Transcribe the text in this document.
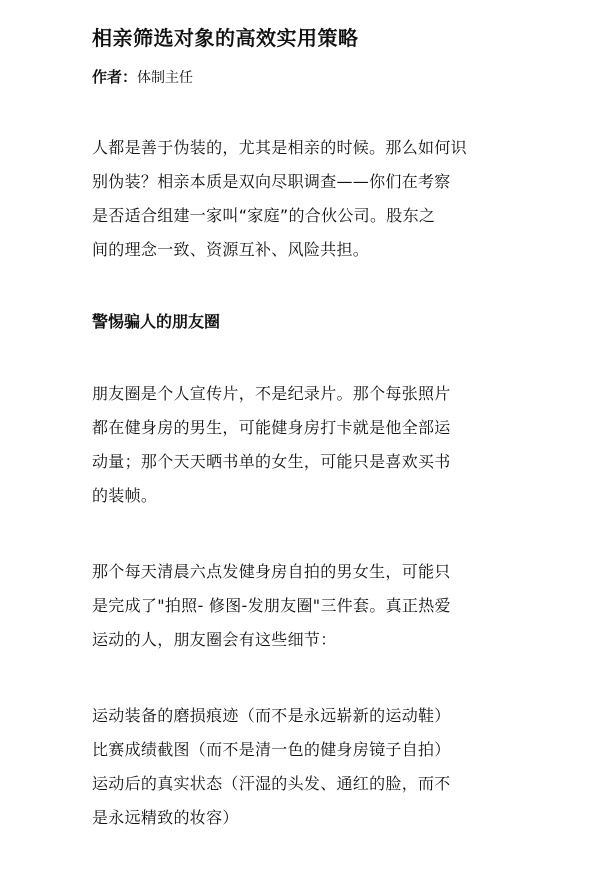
相亲筛选对象的高效实用策略
作者：体制主任
人都是善于伪装的，尤其是相亲的时候。那么如何识
别伪装？相亲本质是双向尽职调查——你们在考察
是否适合组建一家叫“家庭”的合伙公司。股东之
间的理念一致、资源互补、风险共担。
警惕骗人的朋友圈
朋友圈是个人宣传片，不是纪录片。那个每张照片
都在健身房的男生，可能健身房打卡就是他全部运
动量；那个天天晒书单的女生，可能只是喜欢买书
的装帧。
那个每天清晨六点发健身房自拍的男女生，可能只
是完成了"拍照- 修图-发朋友圈"三件套。真正热爱
运动的人，朋友圈会有这些细节：
运动装备的磨损痕迹（而不是永远崭新的运动鞋）
比赛成绩截图（而不是清一色的健身房镜子自拍）
运动后的真实状态（汗湿的头发、通红的脸，而不
是永远精致的妆容）
